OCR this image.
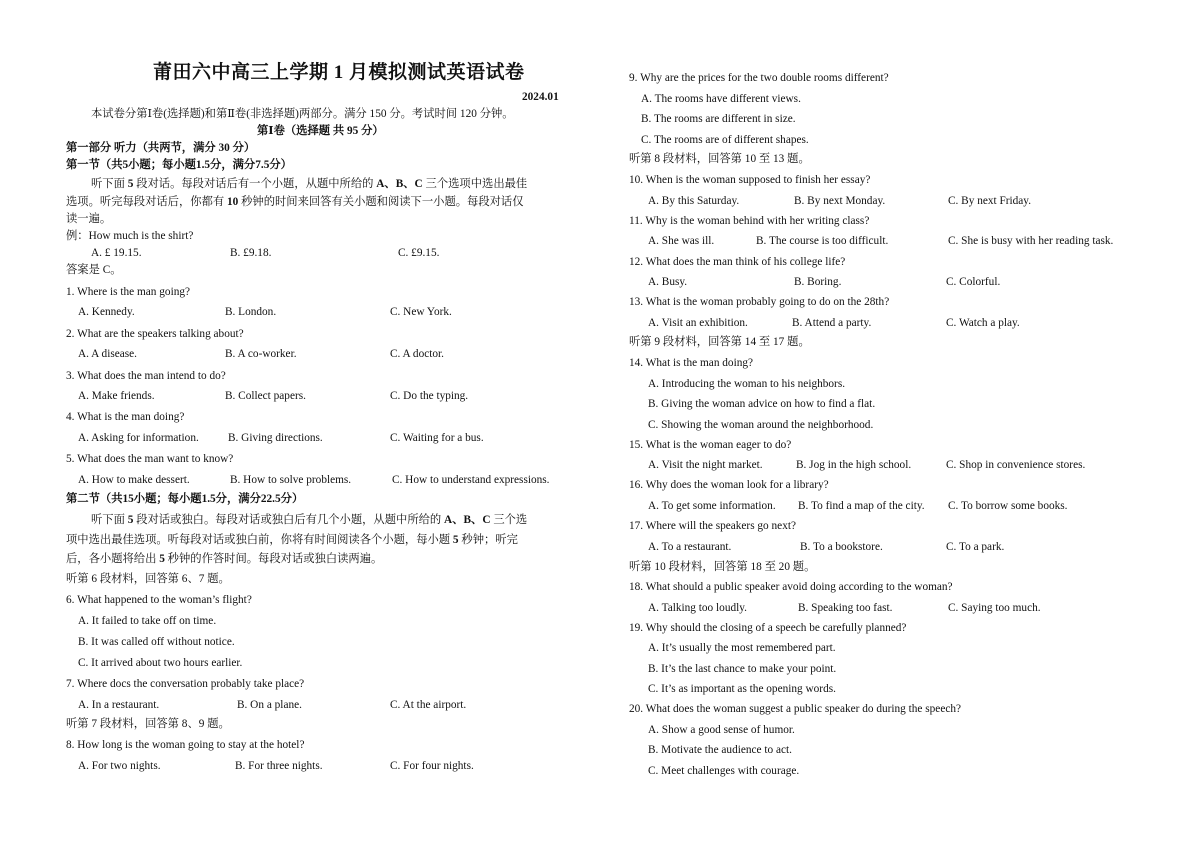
莆田六中高三上学期 1 月模拟测试英语试卷
2024.01
本试卷分第Ⅰ卷(选择题)和第Ⅱ卷(非选择题)两部分。满分 150 分。考试时间 120 分钟。
第Ⅰ卷（选择题 共 95 分）
第一部分 听力（共两节，满分 30 分）
第一节（共5小题；每小题1.5分，满分7.5分）
听下面 5 段对话。每段对话后有一个小题，从题中所给的 A、B、C 三个选项中选出最佳
选项。听完每段对话后，你都有 10 秒钟的时间来回答有关小题和阅读下一小题。每段对话仅
读一遍。
例：How much is the shirt?
A. £ 19.15.	B. £9.18.	C. £9.15.
答案是 C。
1. Where is the man going?
A. Kennedy.	B. London.	C. New York.
2. What are the speakers talking about?
A. A disease.	B. A co-worker.	C. A doctor.
3. What does the man intend to do?
A. Make friends.	B. Collect papers.	C. Do the typing.
4. What is the man doing?
A. Asking for information.	B. Giving directions.	C. Waiting for a bus.
5. What does the man want to know?
A. How to make dessert.	B. How to solve problems.	C. How to understand expressions.
第二节（共15小题；每小题1.5分，满分22.5分）
听下面 5 段对话或独白。每段对话或独白后有几个小题，从题中所给的 A、B、C 三个选
项中选出最佳选项。听每段对话或独白前，你将有时间阅读各个小题，每小题 5 秒钟；听完
后，各小题将给出 5 秒钟的作答时间。每段对话或独白读两遍。
听第 6 段材料，回答第 6、7 题。
6. What happened to the woman’s flight?
A. It failed to take off on time.
B. It was called off without notice.
C. It arrived about two hours earlier.
7. Where docs the conversation probably take place?
A. In a restaurant.	B. On a plane.	C. At the airport.
听第 7 段材料，回答第 8、9 题。
8. How long is the woman going to stay at the hotel?
A. For two nights.	B. For three nights.	C. For four nights.
9. Why are the prices for the two double rooms different?
A. The rooms have different views.
B. The rooms are different in size.
C. The rooms are of different shapes.
听第 8 段材料，回答第 10 至 13 题。
10. When is the woman supposed to finish her essay?
A. By this Saturday.	B. By next Monday.	C. By next Friday.
11. Why is the woman behind with her writing class?
A. She was ill.	B. The course is too difficult.	C. She is busy with her reading task.
12. What does the man think of his college life?
A. Busy.	B. Boring.	C. Colorful.
13. What is the woman probably going to do on the 28th?
A. Visit an exhibition.	B. Attend a party.	C. Watch a play.
听第 9 段材料，回答第 14 至 17 题。
14. What is the man doing?
A. Introducing the woman to his neighbors.
B. Giving the woman advice on how to find a flat.
C. Showing the woman around the neighborhood.
15. What is the woman eager to do?
A. Visit the night market.	B. Jog in the high school.	C. Shop in convenience stores.
16. Why does the woman look for a library?
A. To get some information. B. To find a map of the city. C. To borrow some books.
17. Where will the speakers go next?
A. To a restaurant.	B. To a bookstore.	C. To a park.
听第 10 段材料，回答第 18 至 20 题。
18. What should a public speaker avoid doing according to the woman?
A. Talking too loudly.	B. Speaking too fast.	C. Saying too much.
19. Why should the closing of a speech be carefully planned?
A. It’s usually the most remembered part.
B. It’s the last chance to make your point.
C. It’s as important as the opening words.
20. What does the woman suggest a public speaker do during the speech?
A. Show a good sense of humor.
B. Motivate the audience to act.
C. Meet challenges with courage.
